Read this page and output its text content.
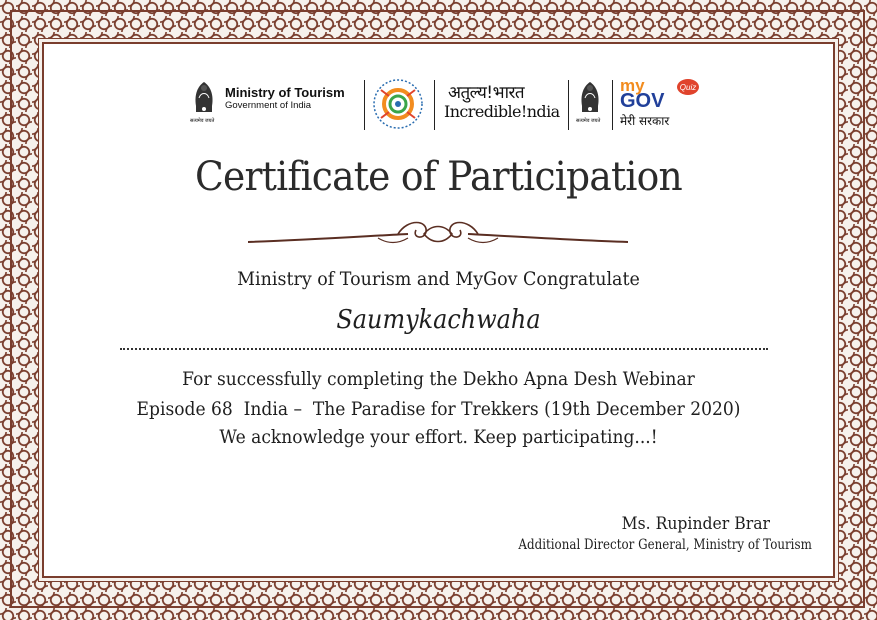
सत्यमेव जयते
Ministry of Tourism
Government of India
अतुल्य!भारत
Incredible!ndia	सत्यमेव जयते
my
GOV
Quiz
मेरी सरकार
Certificate of Participation
Ministry of Tourism and MyGov Congratulate
Saumykachwaha
For successfully completing the Dekho Apna Desh Webinar
Episode 68  India –  The Paradise for Trekkers (19th December 2020)
We acknowledge your effort. Keep participating...!
Ms. Rupinder Brar
Additional Director General, Ministry of Tourism
